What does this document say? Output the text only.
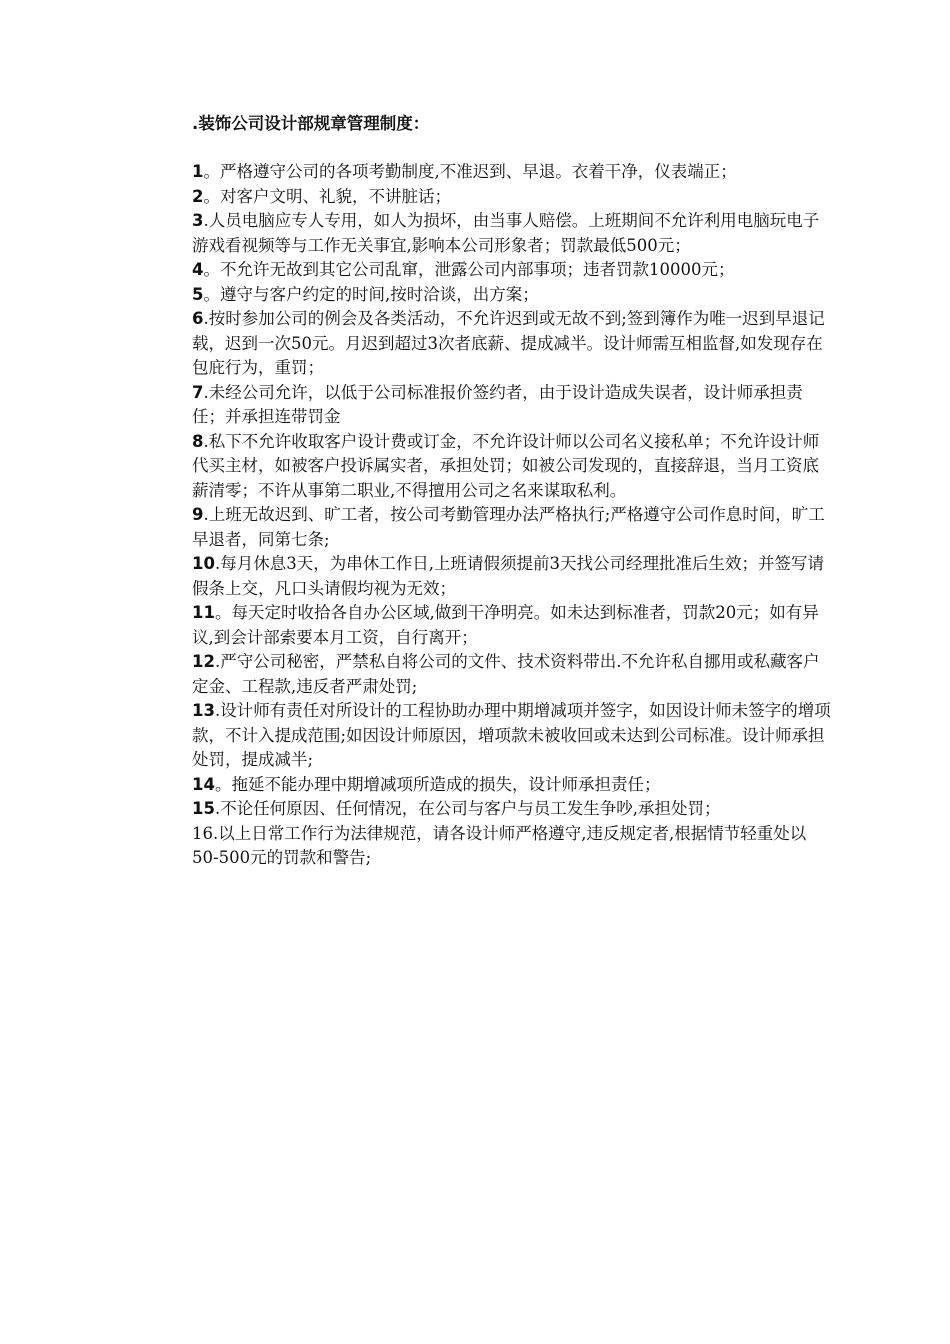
.装饰公司设计部规章管理制度：
1。严格遵守公司的各项考勤制度,不准迟到、早退。衣着干净，仪表端正；
2。对客户文明、礼貌，不讲脏话；
3.人员电脑应专人专用，如人为损坏，由当事人赔偿。上班期间不允许利用电脑玩电子游戏看视频等与工作无关事宜,影响本公司形象者；罚款最低500元；
4。不允许无故到其它公司乱窜，泄露公司内部事项；违者罚款10000元；
5。遵守与客户约定的时间,按时洽谈，出方案；
6.按时参加公司的例会及各类活动，不允许迟到或无故不到;签到簿作为唯一迟到早退记载，迟到一次50元。月迟到超过3次者底薪、提成减半。设计师需互相监督,如发现存在包庇行为，重罚；
7.未经公司允许，以低于公司标准报价签约者，由于设计造成失误者，设计师承担责任；并承担连带罚金
8.私下不允许收取客户设计费或订金，不允许设计师以公司名义接私单；不允许设计师代买主材，如被客户投诉属实者，承担处罚；如被公司发现的，直接辞退，当月工资底薪清零；不许从事第二职业,不得擅用公司之名来谋取私利。
9.上班无故迟到、旷工者，按公司考勤管理办法严格执行;严格遵守公司作息时间，旷工早退者，同第七条;
10.每月休息3天，为串休工作日,上班请假须提前3天找公司经理批准后生效；并签写请假条上交，凡口头请假均视为无效；
11。每天定时收拾各自办公区域,做到干净明亮。如未达到标准者，罚款20元；如有异议,到会计部索要本月工资，自行离开；
12.严守公司秘密，严禁私自将公司的文件、技术资料带出.不允许私自挪用或私藏客户定金、工程款,违反者严肃处罚;
13.设计师有责任对所设计的工程协助办理中期增减项并签字，如因设计师未签字的增项款，不计入提成范围;如因设计师原因，增项款未被收回或未达到公司标准。设计师承担处罚，提成减半;
14。拖延不能办理中期增减项所造成的损失，设计师承担责任；
15.不论任何原因、任何情况，在公司与客户与员工发生争吵,承担处罚；
16.以上日常工作行为法律规范，请各设计师严格遵守,违反规定者,根据情节轻重处以50-500元的罚款和警告;
